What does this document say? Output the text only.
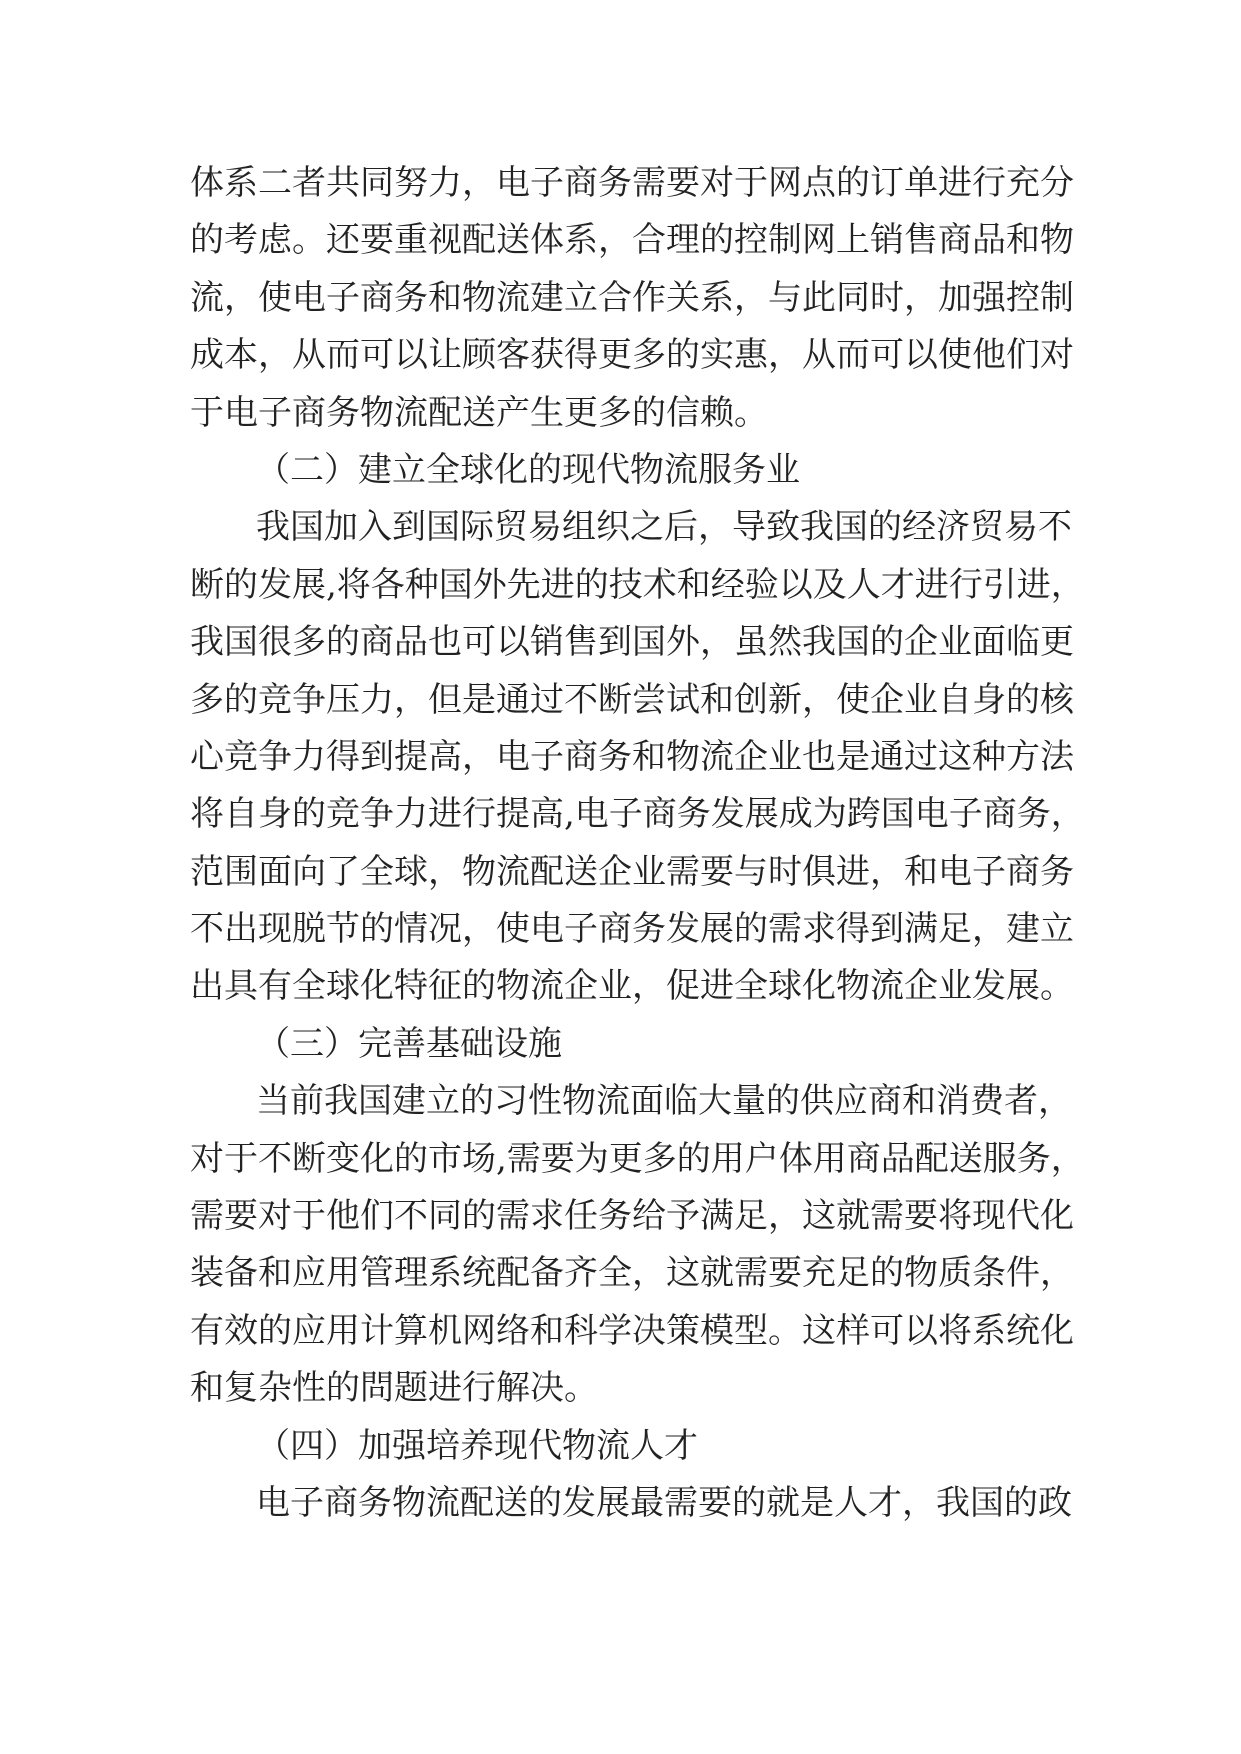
体系二者共同努力，电子商务需要对于网点的订单进行充分
的考虑。还要重视配送体系，合理的控制网上销售商品和物
流，使电子商务和物流建立合作关系，与此同时，加强控制
成本，从而可以让顾客获得更多的实惠，从而可以使他们对
于电子商务物流配送产生更多的信赖。
（二）建立全球化的现代物流服务业
我国加入到国际贸易组织之后，导致我国的经济贸易不
断的发展,将各种国外先进的技术和经验以及人才进行引进，
我国很多的商品也可以销售到国外，虽然我国的企业面临更
多的竞争压力，但是通过不断尝试和创新，使企业自身的核
心竞争力得到提高，电子商务和物流企业也是通过这种方法
将自身的竞争力进行提高,电子商务发展成为跨国电子商务，
范围面向了全球，物流配送企业需要与时俱进，和电子商务
不出现脱节的情况，使电子商务发展的需求得到满足，建立
出具有全球化特征的物流企业，促进全球化物流企业发展。
（三）完善基础设施
当前我国建立的习性物流面临大量的供应商和消费者，
对于不断变化的市场,需要为更多的用户体用商品配送服务，
需要对于他们不同的需求任务给予满足，这就需要将现代化
装备和应用管理系统配备齐全，这就需要充足的物质条件，
有效的应用计算机网络和科学决策模型。这样可以将系统化
和复杂性的問题进行解决。
（四）加强培养现代物流人才
电子商务物流配送的发展最需要的就是人才，我国的政
